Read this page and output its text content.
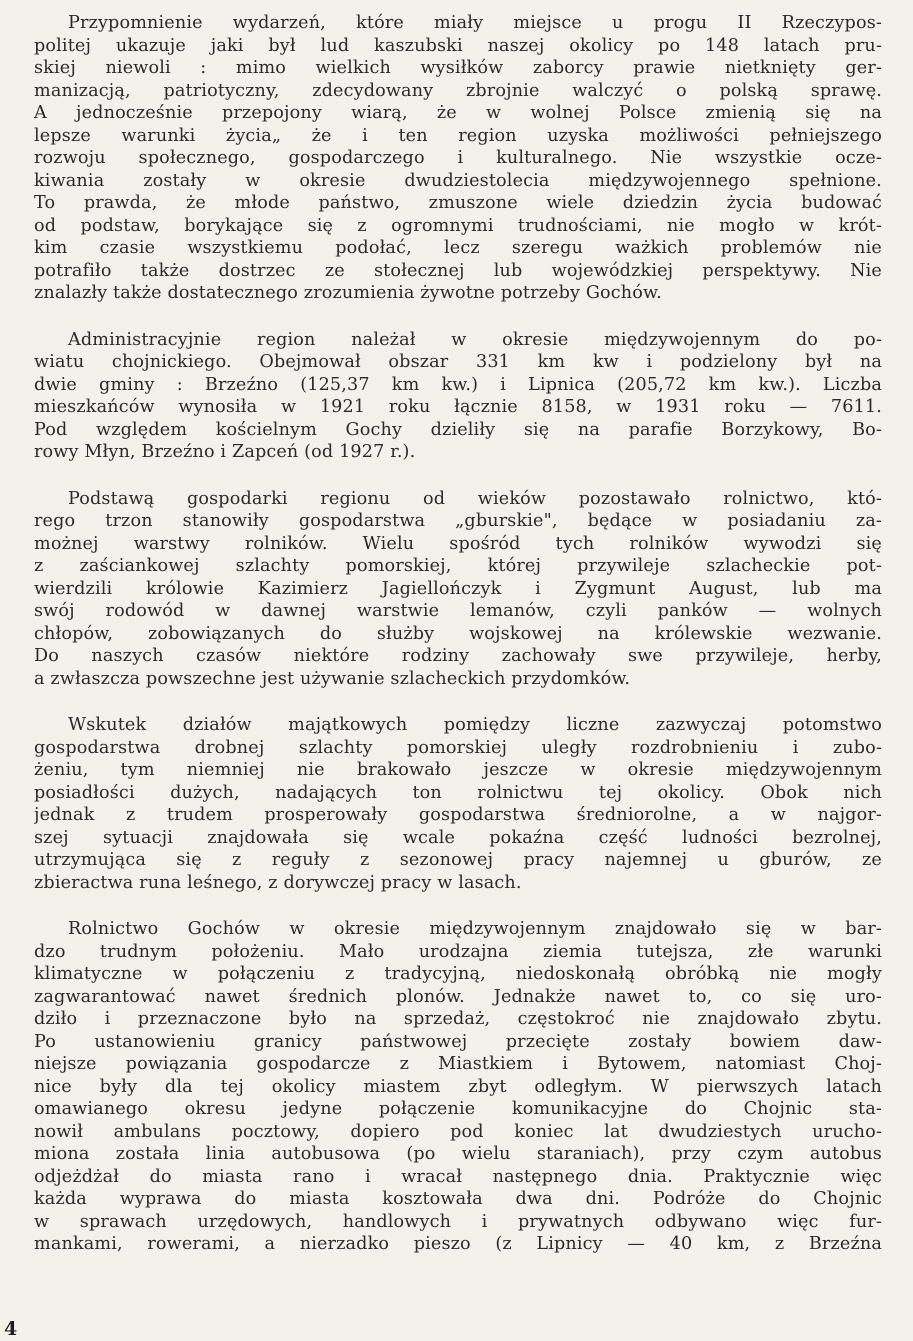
Przypomnienie wydarzeń, które miały miejsce u progu II Rzeczypos-
politej ukazuje jaki był lud kaszubski naszej okolicy po 148 latach pru-
skiej niewoli : mimo wielkich wysiłków zaborcy prawie nietknięty ger-
manizacją, patriotyczny, zdecydowany zbrojnie walczyć o polską sprawę.
A jednocześnie przepojony wiarą, że w wolnej Polsce zmienią się na
lepsze warunki życia„ że i ten region uzyska możliwości pełniejszego
rozwoju społecznego, gospodarczego i kulturalnego. Nie wszystkie ocze-
kiwania zostały w okresie dwudziestolecia międzywojennego spełnione.
To prawda, że młode państwo, zmuszone wiele dziedzin życia budować
od podstaw, borykające się z ogromnymi trudnościami, nie mogło w krót-
kim czasie wszystkiemu podołać, lecz szeregu ważkich problemów nie
potrafiło także dostrzec ze stołecznej lub wojewódzkiej perspektywy. Nie
znalazły także dostatecznego zrozumienia żywotne potrzeby Gochów.
Administracyjnie region należał w okresie międzywojennym do po-
wiatu chojnickiego. Obejmował obszar 331 km kw i podzielony był na
dwie gminy : Brzeźno (125,37 km kw.) i Lipnica (205,72 km kw.). Liczba
mieszkańców wynosiła w 1921 roku łącznie 8158, w 1931 roku — 7611.
Pod względem kościelnym Gochy dzieliły się na parafie Borzykowy, Bo-
rowy Młyn, Brzeźno i Zapceń (od 1927 r.).
Podstawą gospodarki regionu od wieków pozostawało rolnictwo, któ-
rego trzon stanowiły gospodarstwa „gburskie", będące w posiadaniu za-
możnej warstwy rolników. Wielu spośród tych rolników wywodzi się
z zaściankowej szlachty pomorskiej, której przywileje szlacheckie pot-
wierdzili królowie Kazimierz Jagiellończyk i Zygmunt August, lub ma
swój rodowód w dawnej warstwie lemanów, czyli panków — wolnych
chłopów, zobowiązanych do służby wojskowej na królewskie wezwanie.
Do naszych czasów niektóre rodziny zachowały swe przywileje, herby,
a zwłaszcza powszechne jest używanie szlacheckich przydomków.
Wskutek działów majątkowych pomiędzy liczne zazwyczaj potomstwo
gospodarstwa drobnej szlachty pomorskiej uległy rozdrobnieniu i zubo-
żeniu, tym niemniej nie brakowało jeszcze w okresie międzywojennym
posiadłości dużych, nadających ton rolnictwu tej okolicy. Obok nich
jednak z trudem prosperowały gospodarstwa średniorolne, a w najgor-
szej sytuacji znajdowała się wcale pokaźna część ludności bezrolnej,
utrzymująca się z reguły z sezonowej pracy najemnej u gburów, ze
zbieractwa runa leśnego, z dorywczej pracy w lasach.
Rolnictwo Gochów w okresie międzywojennym znajdowało się w bar-
dzo trudnym położeniu. Mało urodzajna ziemia tutejsza, złe warunki
klimatyczne w połączeniu z tradycyjną, niedoskonałą obróbką nie mogły
zagwarantować nawet średnich plonów. Jednakże nawet to, co się uro-
dziło i przeznaczone było na sprzedaż, częstokroć nie znajdowało zbytu.
Po ustanowieniu granicy państwowej przecięte zostały bowiem daw-
niejsze powiązania gospodarcze z Miastkiem i Bytowem, natomiast Choj-
nice były dla tej okolicy miastem zbyt odległym. W pierwszych latach
omawianego okresu jedyne połączenie komunikacyjne do Chojnic sta-
nowił ambulans pocztowy, dopiero pod koniec lat dwudziestych urucho-
miona została linia autobusowa (po wielu staraniach), przy czym autobus
odjeżdżał do miasta rano i wracał następnego dnia. Praktycznie więc
każda wyprawa do miasta kosztowała dwa dni. Podróże do Chojnic
w sprawach urzędowych, handlowych i prywatnych odbywano więc fur-
mankami, rowerami, a nierzadko pieszo (z Lipnicy — 40 km, z Brzeźna
4
